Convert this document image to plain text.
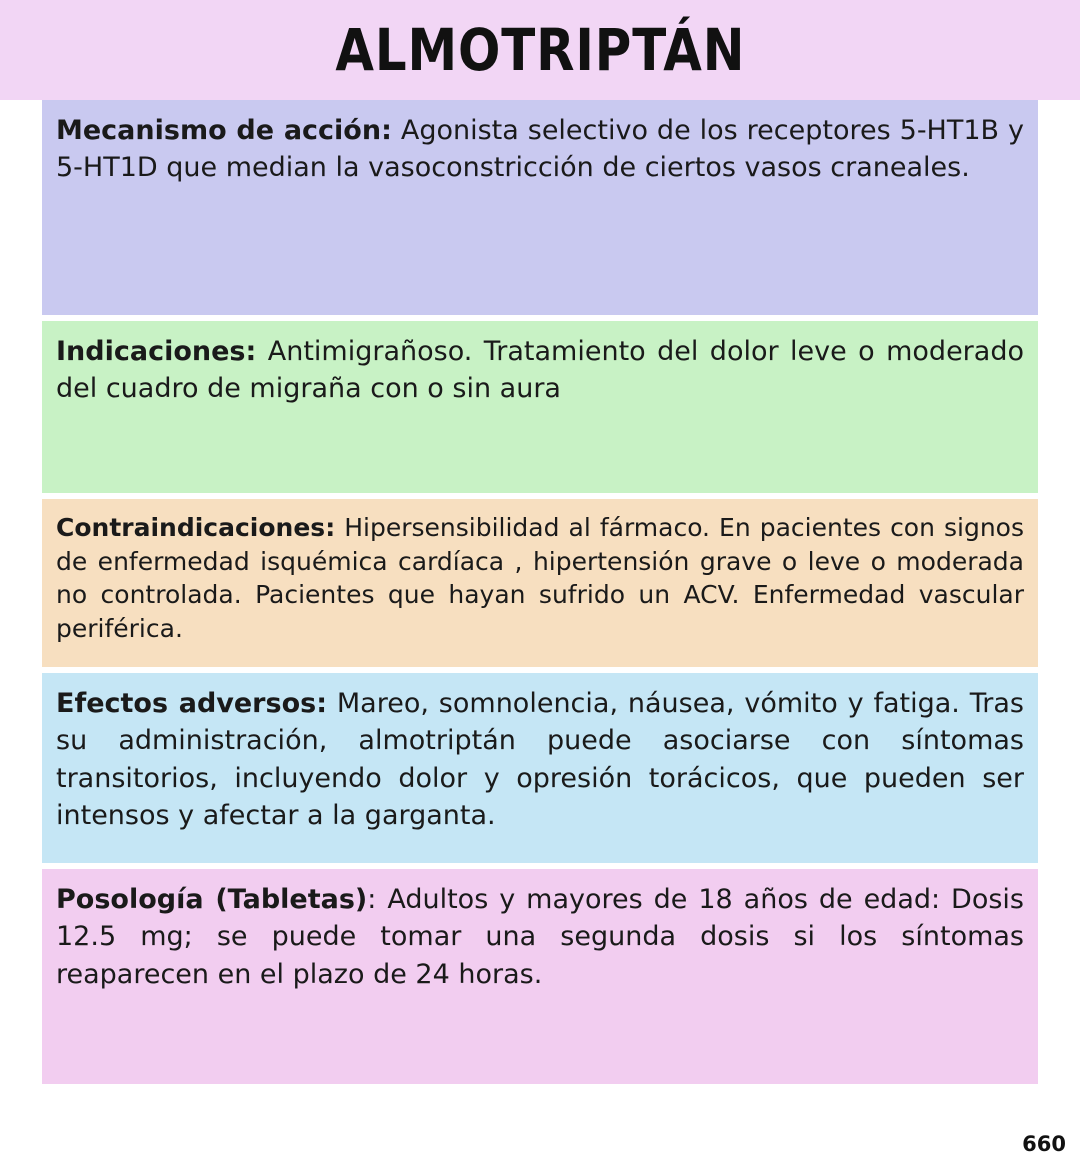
ALMOTRIPTÁN

Mecanismo de acción: Agonista selectivo de los receptores 5-HT1B y 5-HT1D que median la vasoconstricción de ciertos vasos craneales.

Indicaciones: Antimigrañoso. Tratamiento del dolor leve o moderado del cuadro de migraña con o sin aura

Contraindicaciones: Hipersensibilidad al fármaco. En pacientes con signos de enfermedad isquémica cardíaca , hipertensión grave o leve o moderada no controlada. Pacientes que hayan sufrido un ACV. Enfermedad vascular periférica.

Efectos adversos: Mareo, somnolencia, náusea, vómito y fatiga. Tras su administración, almotriptán puede asociarse con síntomas transitorios, incluyendo dolor y opresión torácicos, que pueden ser intensos y afectar a la garganta.

Posología (Tabletas): Adultos y mayores de 18 años de edad: Dosis 12.5 mg; se puede tomar una segunda dosis si los síntomas reaparecen en el plazo de 24 horas.

660
